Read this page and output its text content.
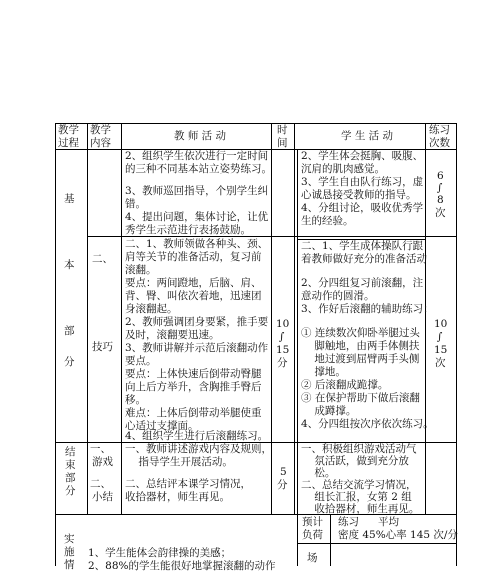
教学
过程
教学
内容
教 师 活 动	时
间
学 生 活 动	练习
次数
基
本
部
分
2、组织学生依次进行一定时间
的三种不同基本站立姿势练习。
3、教师巡回指导，个别学生纠
错。
4、提出问题，集体讨论，让优
秀学生示范进行表扬鼓励。
2、学生体会挺胸、吸腹、
沉肩的肌肉感觉。
3、学生自由队行练习，虚
心诚恳接受教师的指导。
4、分组讨论，吸收优秀学
生的经验。
6
∫
8
次
二、
技巧
二、1、教师领做各种头、颈、
肩等关节的准备活动，复习前
滚翻。
要点：两间蹬地，后脑、肩、
背、臀、叫依次着地，迅速团
身滚翻起。
2、教师强调团身要紧，推手要
及时，滚翻要迅速。
3、教师讲解并示范后滚翻动作
要点。
要点：上体快速后倒带动臀腿
向上后方举升，含胸推手臀后
移。
难点：上体后倒带动举腿使重
心适过支撑面。
4、组织学生进行后滚翻练习。
10
∫
15
分
二、1、学生成体操队行跟
着教师做好充分的准备活动
2、分四组复习前滚翻，注
意动作的圆滑。
3、作好后滚翻的辅助练习：
① 连续数次仰卧举腿过头
脚触地，由两手体侧扶
地过渡到屈臂两手头侧
撑地。
② 后滚翻成跪撑。
③ 在保护帮助下做后滚翻
成蹲撑。
4、分四组按次序依次练习。
10
∫
15
次
结
束
部
分
一、
游戏
二、
小结
一、教师讲述游戏内容及规则，
指导学生开展活动。
二、总结评本课学习情况，
收拾器材，师生再见。
5
分
一、积极组织游戏活动气
氛活跃，做到充分放
松。
二、总结交流学习情况，
组长汇报，女第 2 组
收拾器材，师生再见。
实
施
情
1、学生能体会韵律操的美感；
2、88%的学生能很好地掌握滚翻的动作
预计
负荷
练习 平均
密度 45%心率 145 次/分
场
